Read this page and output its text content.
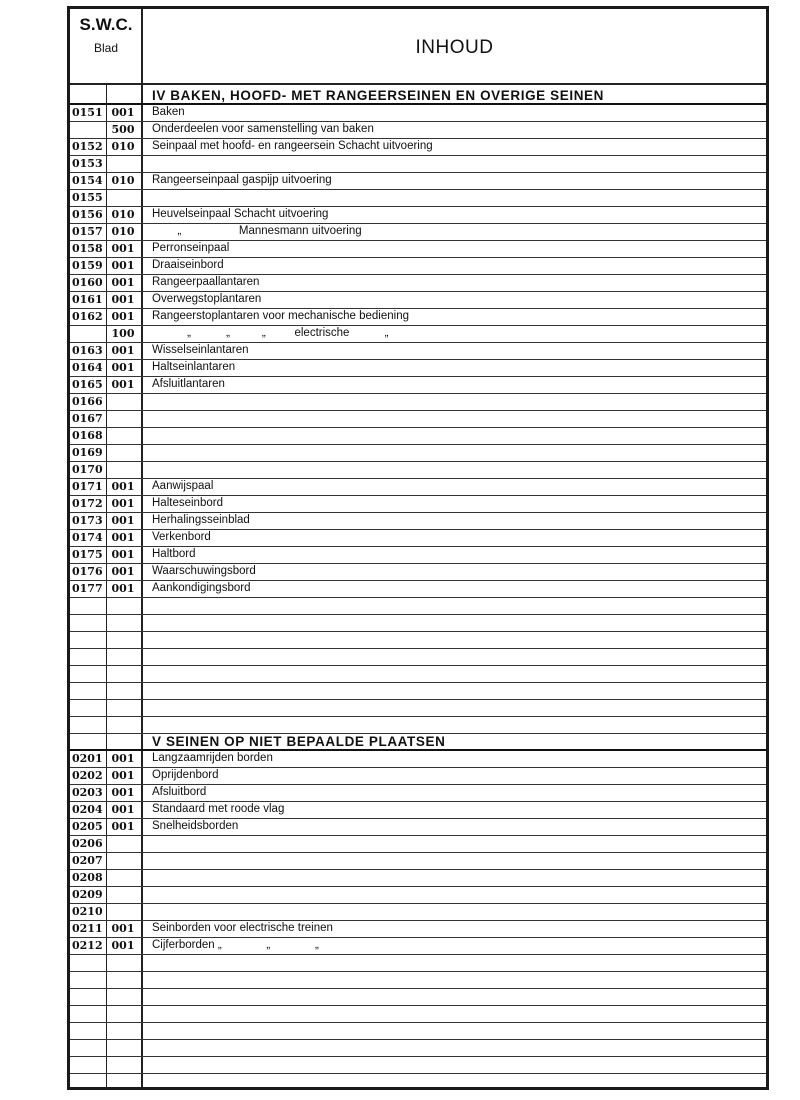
S.W.C.
Blad	INHOUD
IV BAKEN, HOOFD- MET RANGEERSEINEN EN OVERIGE SEINEN
0151 001	Baken
500	Onderdeelen voor samenstelling van baken
0152 010	Seinpaal met hoofd- en rangeersein Schacht uitvoering
0153
0154 010	Rangeerseinpaal gaspijp uitvoering
0155
0156 010	Heuvelseinpaal Schacht uitvoering
0157 010	„                  Mannesmann uitvoering
0158 001	Perronseinpaal
0159 001	Draaiseinbord
0160 001	Rangeerpaallantaren
0161 001	Overwegstoplantaren
0162 001	Rangeerstoplantaren voor mechanische bediening
100	„           „          „         electrische           „
0163 001	Wisselseinlantaren
0164 001	Haltseinlantaren
0165 001	Afsluitlantaren
0166
0167
0168
0169
0170
0171 001	Aanwijspaal
0172 001	Halteseinbord
0173 001	Herhalingsseinblad
0174 001	Verkenbord
0175 001	Haltbord
0176 001	Waarschuwingsbord
0177 001	Aankondigingsbord
V SEINEN OP NIET BEPAALDE PLAATSEN
0201 001	Langzaamrijden borden
0202 001	Oprijdenbord
0203 001	Afsluitbord
0204 001	Standaard met roode vlag
0205 001	Snelheidsborden
0206
0207
0208
0209
0210
0211 001	Seinborden voor electrische treinen
0212 001	Cijferborden „              „              „
